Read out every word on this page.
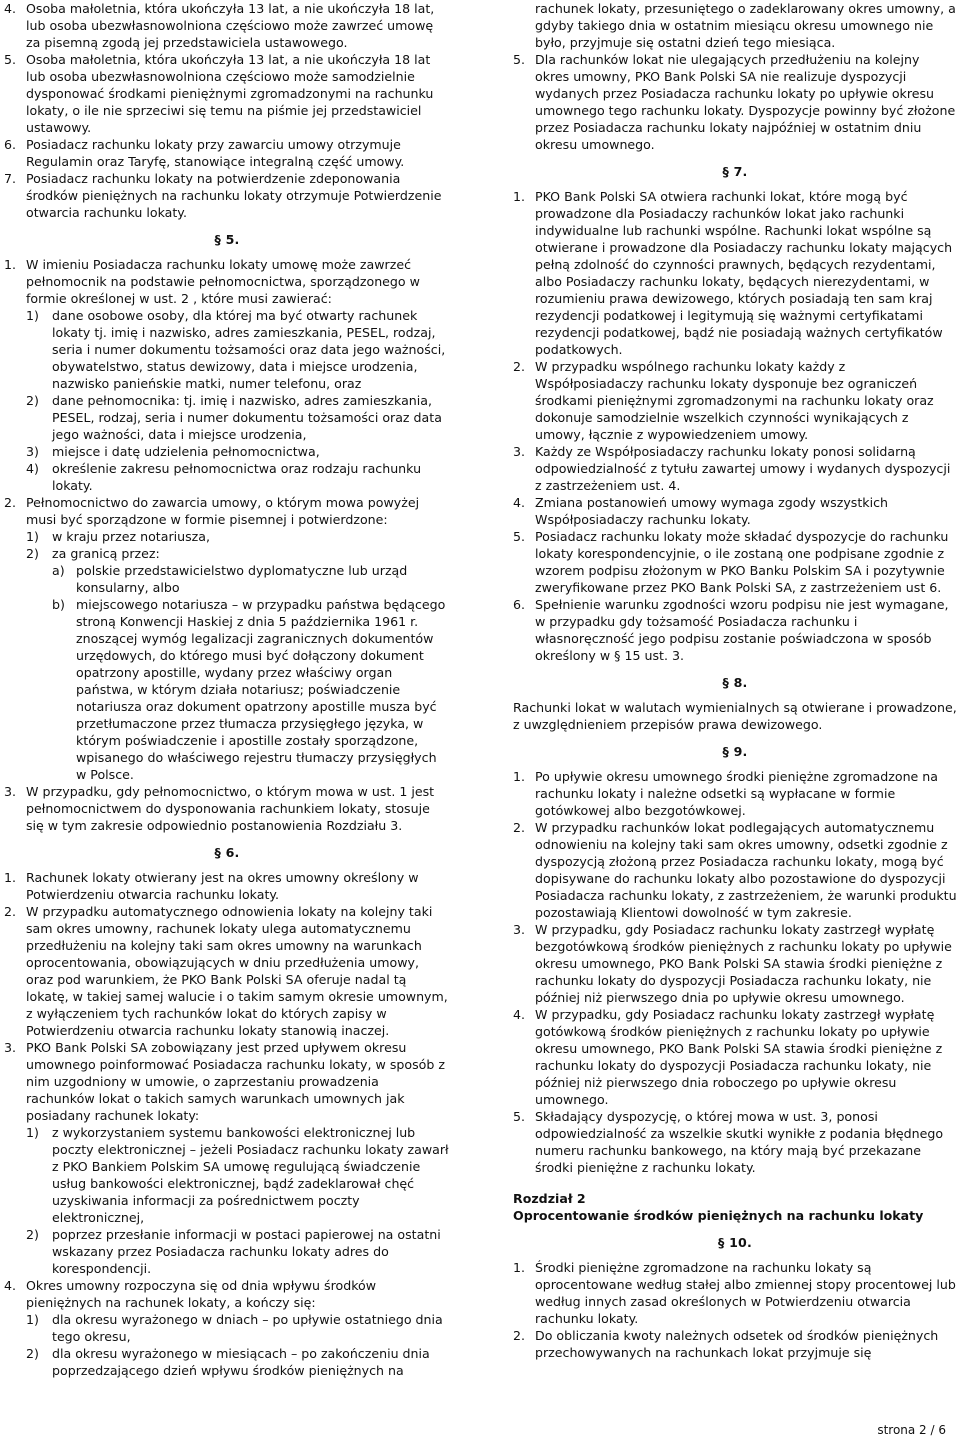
4. Osoba małoletnia, która ukończyła 13 lat, a nie ukończyła 18 lat, lub osoba ubezwłasnowolniona częściowo może zawrzeć umowę za pisemną zgodą jej przedstawiciela ustawowego.

5. Osoba małoletnia, która ukończyła 13 lat, a nie ukończyła 18 lat lub osoba ubezwłasnowolniona częściowo może samodzielnie dysponować środkami pieniężnymi zgromadzonymi na rachunku lokaty, o ile nie sprzeciwi się temu na piśmie jej przedstawiciel ustawowy.

6. Posiadacz rachunku lokaty przy zawarciu umowy otrzymuje Regulamin oraz Taryfę, stanowiące integralną część umowy.

7. Posiadacz rachunku lokaty na potwierdzenie zdeponowania środków pieniężnych na rachunku lokaty otrzymuje Potwierdzenie otwarcia rachunku lokaty.

§ 5.

1. W imieniu Posiadacza rachunku lokaty umowę może zawrzeć pełnomocnik na podstawie pełnomocnictwa, sporządzonego w formie określonej w ust. 2 , które musi zawierać:

1) dane osobowe osoby, dla której ma być otwarty rachunek lokaty tj. imię i nazwisko, adres zamieszkania, PESEL, rodzaj, seria i numer dokumentu tożsamości oraz data jego ważności, obywatelstwo, status dewizowy, data i miejsce urodzenia, nazwisko panieńskie matki, numer telefonu, oraz

2) dane pełnomocnika: tj. imię i nazwisko, adres zamieszkania, PESEL, rodzaj, seria i numer dokumentu tożsamości oraz data jego ważności, data i miejsce urodzenia,

3) miejsce i datę udzielenia pełnomocnictwa,

4) określenie zakresu pełnomocnictwa oraz rodzaju rachunku lokaty.

2. Pełnomocnictwo do zawarcia umowy, o którym mowa powyżej musi być sporządzone w formie pisemnej i potwierdzone:

1) w kraju przez notariusza,

2) za granicą przez:

a) polskie przedstawicielstwo dyplomatyczne lub urząd konsularny, albo

b) miejscowego notariusza – w przypadku państwa będącego stroną Konwencji Haskiej z dnia 5 października 1961 r. znoszącej wymóg legalizacji zagranicznych dokumentów urzędowych, do którego musi być dołączony dokument opatrzony apostille, wydany przez właściwy organ państwa, w którym działa notariusz; poświadczenie notariusza oraz dokument opatrzony apostille musza być przetłumaczone przez tłumacza przysięgłego języka, w którym poświadczenie i apostille zostały sporządzone, wpisanego do właściwego rejestru tłumaczy przysięgłych w Polsce.

3. W przypadku, gdy pełnomocnictwo, o którym mowa w ust. 1 jest pełnomocnictwem do dysponowania rachunkiem lokaty, stosuje się w tym zakresie odpowiednio postanowienia Rozdziału 3.

§ 6.

1. Rachunek lokaty otwierany jest na okres umowny określony w Potwierdzeniu otwarcia rachunku lokaty.

2. W przypadku automatycznego odnowienia lokaty na kolejny taki sam okres umowny, rachunek lokaty ulega automatycznemu przedłużeniu na kolejny taki sam okres umowny na warunkach oprocentowania, obowiązujących w dniu przedłużenia umowy, oraz pod warunkiem, że PKO Bank Polski SA oferuje nadal tą lokatę, w takiej samej walucie i o takim samym okresie umownym, z wyłączeniem tych rachunków lokat do których zapisy w Potwierdzeniu otwarcia rachunku lokaty stanowią inaczej.

3. PKO Bank Polski SA zobowiązany jest przed upływem okresu umownego poinformować Posiadacza rachunku lokaty, w sposób z nim uzgodniony w umowie, o zaprzestaniu prowadzenia rachunków lokat o takich samych warunkach umownych jak posiadany rachunek lokaty:

1) z wykorzystaniem systemu bankowości elektronicznej lub poczty elektronicznej – jeżeli Posiadacz rachunku lokaty zawarł z PKO Bankiem Polskim SA umowę regulującą świadczenie usług bankowości elektronicznej, bądź zadeklarował chęć uzyskiwania informacji za pośrednictwem poczty elektronicznej,

2) poprzez przesłanie informacji w postaci papierowej na ostatni wskazany przez Posiadacza rachunku lokaty adres do korespondencji.

4. Okres umowny rozpoczyna się od dnia wpływu środków pieniężnych na rachunek lokaty, a kończy się:

1) dla okresu wyrażonego w dniach – po upływie ostatniego dnia tego okresu,

2) dla okresu wyrażonego w miesiącach – po zakończeniu dnia poprzedzającego dzień wpływu środków pieniężnych na

rachunek lokaty, przesuniętego o zadeklarowany okres umowny, a gdyby takiego dnia w ostatnim miesiącu okresu umownego nie było, przyjmuje się ostatni dzień tego miesiąca.

5. Dla rachunków lokat nie ulegających przedłużeniu na kolejny okres umowny, PKO Bank Polski SA nie realizuje dyspozycji wydanych przez Posiadacza rachunku lokaty po upływie okresu umownego tego rachunku lokaty. Dyspozycje powinny być złożone przez Posiadacza rachunku lokaty najpóźniej w ostatnim dniu okresu umownego.

§ 7.

1. PKO Bank Polski SA otwiera rachunki lokat, które mogą być prowadzone dla Posiadaczy rachunków lokat jako rachunki indywidualne lub rachunki wspólne. Rachunki lokat wspólne są otwierane i prowadzone dla Posiadaczy rachunku lokaty mających pełną zdolność do czynności prawnych, będących rezydentami, albo Posiadaczy rachunku lokaty, będących nierezydentami, w rozumieniu prawa dewizowego, których posiadają ten sam kraj rezydencji podatkowej i legitymują się ważnymi certyfikatami rezydencji podatkowej, bądź nie posiadają ważnych certyfikatów podatkowych.

2. W przypadku wspólnego rachunku lokaty każdy z Współposiadaczy rachunku lokaty dysponuje bez ograniczeń środkami pieniężnymi zgromadzonymi na rachunku lokaty oraz dokonuje samodzielnie wszelkich czynności wynikających z umowy, łącznie z wypowiedzeniem umowy.

3. Każdy ze Współposiadaczy rachunku lokaty ponosi solidarną odpowiedzialność z tytułu zawartej umowy i wydanych dyspozycji z zastrzeżeniem ust. 4.

4. Zmiana postanowień umowy wymaga zgody wszystkich Współposiadaczy rachunku lokaty.

5. Posiadacz rachunku lokaty może składać dyspozycje do rachunku lokaty korespondencyjnie, o ile zostaną one podpisane zgodnie z wzorem podpisu złożonym w PKO Banku Polskim SA i pozytywnie zweryfikowane przez PKO Bank Polski SA, z zastrzeżeniem ust 6.

6. Spełnienie warunku zgodności wzoru podpisu nie jest wymagane, w przypadku gdy tożsamość Posiadacza rachunku i własnoręczność jego podpisu zostanie poświadczona w sposób określony w § 15 ust. 3.

§ 8.

Rachunki lokat w walutach wymienialnych są otwierane i prowadzone, z uwzględnieniem przepisów prawa dewizowego.

§ 9.

1. Po upływie okresu umownego środki pieniężne zgromadzone na rachunku lokaty i należne odsetki są wypłacane w formie gotówkowej albo bezgotówkowej.

2. W przypadku rachunków lokat podlegających automatycznemu odnowieniu na kolejny taki sam okres umowny, odsetki zgodnie z dyspozycją złożoną przez Posiadacza rachunku lokaty, mogą być dopisywane do rachunku lokaty albo pozostawione do dyspozycji Posiadacza rachunku lokaty, z zastrzeżeniem, że warunki produktu pozostawiają Klientowi dowolność w tym zakresie.

3. W przypadku, gdy Posiadacz rachunku lokaty zastrzegł wypłatę bezgotówkową środków pieniężnych z rachunku lokaty po upływie okresu umownego, PKO Bank Polski SA stawia środki pieniężne z rachunku lokaty do dyspozycji Posiadacza rachunku lokaty, nie później niż pierwszego dnia po upływie okresu umownego.

4. W przypadku, gdy Posiadacz rachunku lokaty zastrzegł wypłatę gotówkową środków pieniężnych z rachunku lokaty po upływie okresu umownego, PKO Bank Polski SA stawia środki pieniężne z rachunku lokaty do dyspozycji Posiadacza rachunku lokaty, nie później niż pierwszego dnia roboczego po upływie okresu umownego.

5. Składający dyspozycję, o której mowa w ust. 3, ponosi odpowiedzialność za wszelkie skutki wynikłe z podania błędnego numeru rachunku bankowego, na który mają być przekazane środki pieniężne z rachunku lokaty.

Rozdział 2

Oprocentowanie środków pieniężnych na rachunku lokaty

§ 10.

1. Środki pieniężne zgromadzone na rachunku lokaty są oprocentowane według stałej albo zmiennej stopy procentowej lub według innych zasad określonych w Potwierdzeniu otwarcia rachunku lokaty.

2. Do obliczania kwoty należnych odsetek od środków pieniężnych przechowywanych na rachunkach lokat przyjmuje się

strona 2 / 6
